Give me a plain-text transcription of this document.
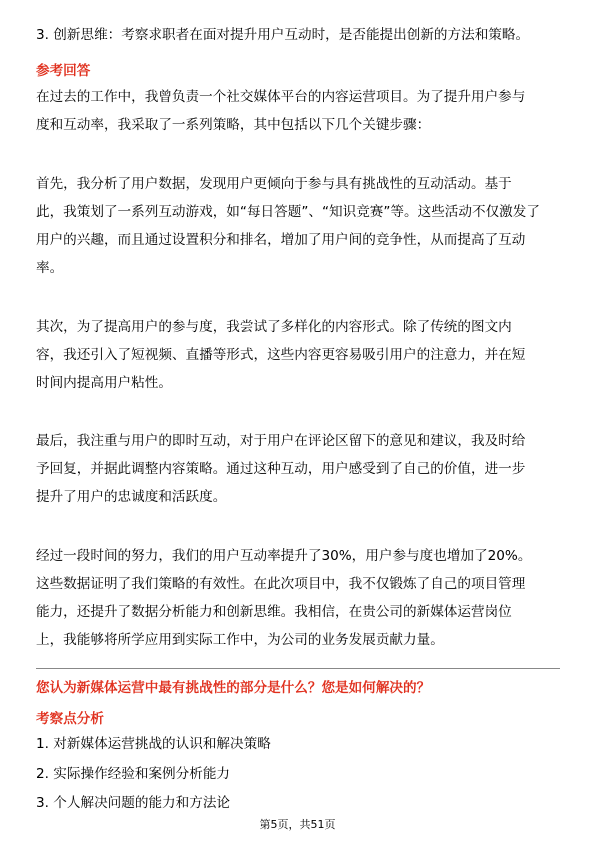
3. 创新思维：考察求职者在面对提升用户互动时，是否能提出创新的方法和策略。
参考回答
在过去的工作中，我曾负责一个社交媒体平台的内容运营项目。为了提升用户参与
度和互动率，我采取了一系列策略，其中包括以下几个关键步骤：
首先，我分析了用户数据，发现用户更倾向于参与具有挑战性的互动活动。基于
此，我策划了一系列互动游戏，如“每日答题”、“知识竞赛”等。这些活动不仅激发了
用户的兴趣，而且通过设置积分和排名，增加了用户间的竞争性，从而提高了互动
率。
其次，为了提高用户的参与度，我尝试了多样化的内容形式。除了传统的图文内
容，我还引入了短视频、直播等形式，这些内容更容易吸引用户的注意力，并在短
时间内提高用户粘性。
最后，我注重与用户的即时互动，对于用户在评论区留下的意见和建议，我及时给
予回复，并据此调整内容策略。通过这种互动，用户感受到了自己的价值，进一步
提升了用户的忠诚度和活跃度。
经过一段时间的努力，我们的用户互动率提升了30%，用户参与度也增加了20%。
这些数据证明了我们策略的有效性。在此次项目中，我不仅锻炼了自己的项目管理
能力，还提升了数据分析能力和创新思维。我相信，在贵公司的新媒体运营岗位
上，我能够将所学应用到实际工作中，为公司的业务发展贡献力量。
您认为新媒体运营中最有挑战性的部分是什么？您是如何解决的？
考察点分析
1. 对新媒体运营挑战的认识和解决策略
2. 实际操作经验和案例分析能力
3. 个人解决问题的能力和方法论
第5页，共51页
